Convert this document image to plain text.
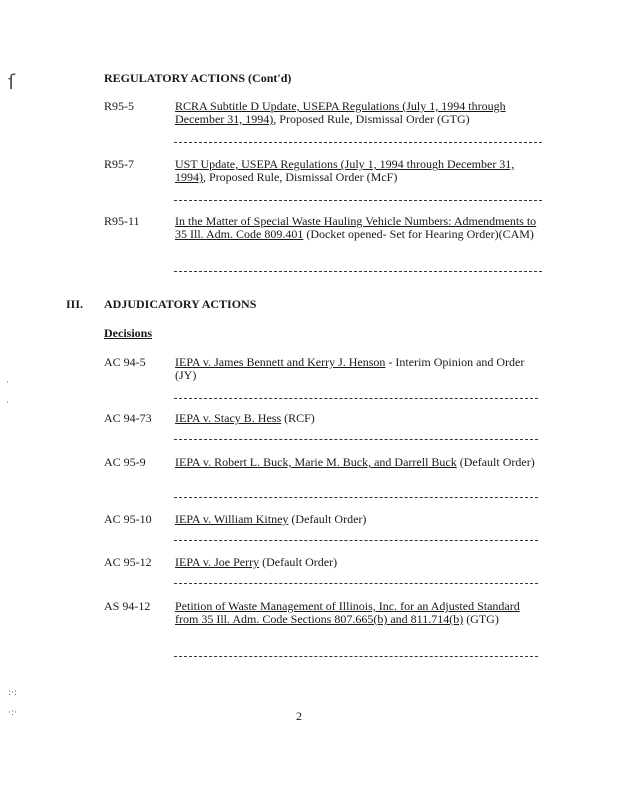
ſ
·
·
:·:
·:·
REGULATORY ACTIONS (Cont'd)
R95-5	RCRA Subtitle D Update, USEPA Regulations (July 1, 1994 through December 31, 1994), Proposed Rule, Dismissal Order (GTG)
R95-7	UST Update, USEPA Regulations (July 1, 1994 through December 31, 1994), Proposed Rule, Dismissal Order (McF)
R95-11	In the Matter of Special Waste Hauling Vehicle Numbers: Admendments to 35 Ill. Adm. Code 809.401 (Docket opened- Set for Hearing Order)(CAM)
III. ADJUDICATORY ACTIONS
Decisions
AC 94-5 IEPA v. James Bennett and Kerry J. Henson - Interim Opinion and Order (JY)
AC 94-73 IEPA v. Stacy B. Hess (RCF)
AC 95-9 IEPA v. Robert L. Buck, Marie M. Buck, and Darrell Buck (Default Order)
AC 95-10 IEPA v. William Kitney (Default Order)
AC 95-12 IEPA v. Joe Perry (Default Order)
AS 94-12 Petition of Waste Management of Illinois, Inc. for an Adjusted Standard from 35 Ill. Adm. Code Sections 807.665(b) and 811.714(b) (GTG)
2
